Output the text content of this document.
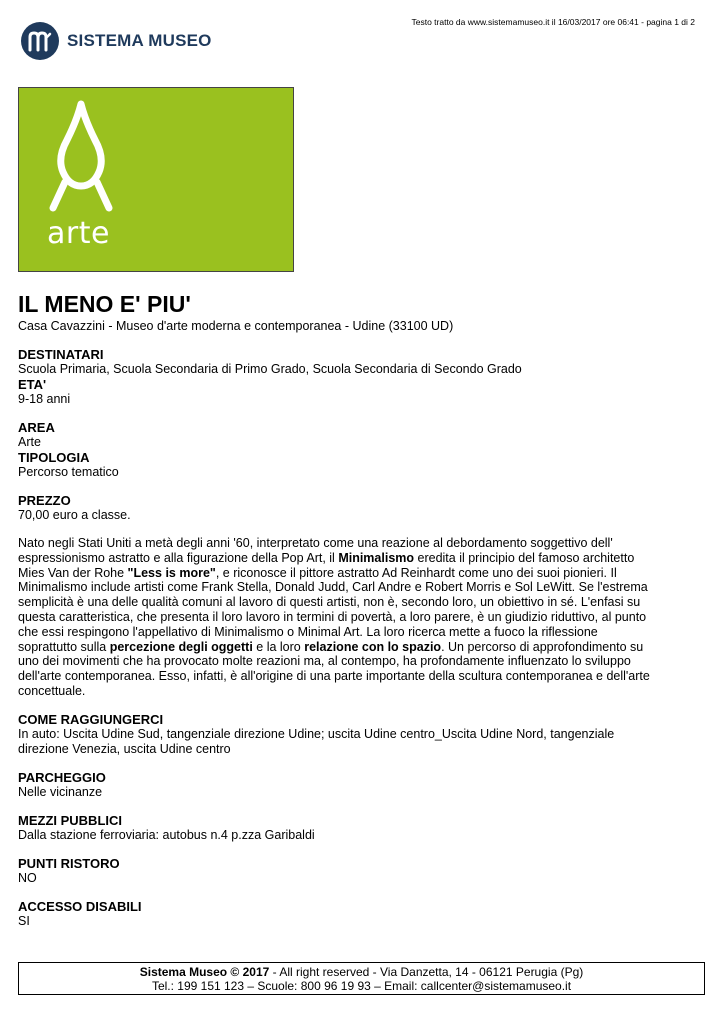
Testo tratto da www.sistemamuseo.it il 16/03/2017 ore 06:41 - pagina 1 di 2
SISTEMA MUSEO
arte
IL MENO E' PIU'
Casa Cavazzini - Museo d'arte moderna e contemporanea - Udine (33100 UD)
DESTINATARI
Scuola Primaria, Scuola Secondaria di Primo Grado, Scuola Secondaria di Secondo Grado
ETA'
9-18 anni
AREA
Arte
TIPOLOGIA
Percorso tematico
PREZZO
70,00 euro a classe.

Nato negli Stati Uniti a metà degli anni '60, interpretato come una reazione al debordamento soggettivo dell' espressionismo astratto e alla figurazione della Pop Art, il Minimalismo eredita il principio del famoso architetto Mies Van der Rohe "Less is more", e riconosce il pittore astratto Ad Reinhardt come uno dei suoi pionieri. Il Minimalismo include artisti come Frank Stella, Donald Judd, Carl Andre e Robert Morris e Sol LeWitt. Se l'estrema semplicità è una delle qualità comuni al lavoro di questi artisti, non è, secondo loro, un obiettivo in sé. L'enfasi su questa caratteristica, che presenta il loro lavoro in termini di povertà, a loro parere, è un giudizio riduttivo, al punto che essi respingono l'appellativo di Minimalismo o Minimal Art. La loro ricerca mette a fuoco la riflessione soprattutto sulla percezione degli oggetti e la loro relazione con lo spazio. Un percorso di approfondimento su uno dei movimenti che ha provocato molte reazioni ma, al contempo, ha profondamente influenzato lo sviluppo dell'arte contemporanea. Esso, infatti, è all'origine di una parte importante della scultura contemporanea e dell'arte concettuale.

COME RAGGIUNGERCI
In auto: Uscita Udine Sud, tangenziale direzione Udine; uscita Udine centro_Uscita Udine Nord, tangenziale direzione Venezia, uscita Udine centro
PARCHEGGIO
Nelle vicinanze
MEZZI PUBBLICI
Dalla stazione ferroviaria: autobus n.4 p.zza Garibaldi
PUNTI RISTORO
NO
ACCESSO DISABILI
SI
Sistema Museo © 2017 - All right reserved - Via Danzetta, 14 - 06121 Perugia (Pg)
Tel.: 199 151 123 – Scuole: 800 96 19 93 – Email: callcenter@sistemamuseo.it
